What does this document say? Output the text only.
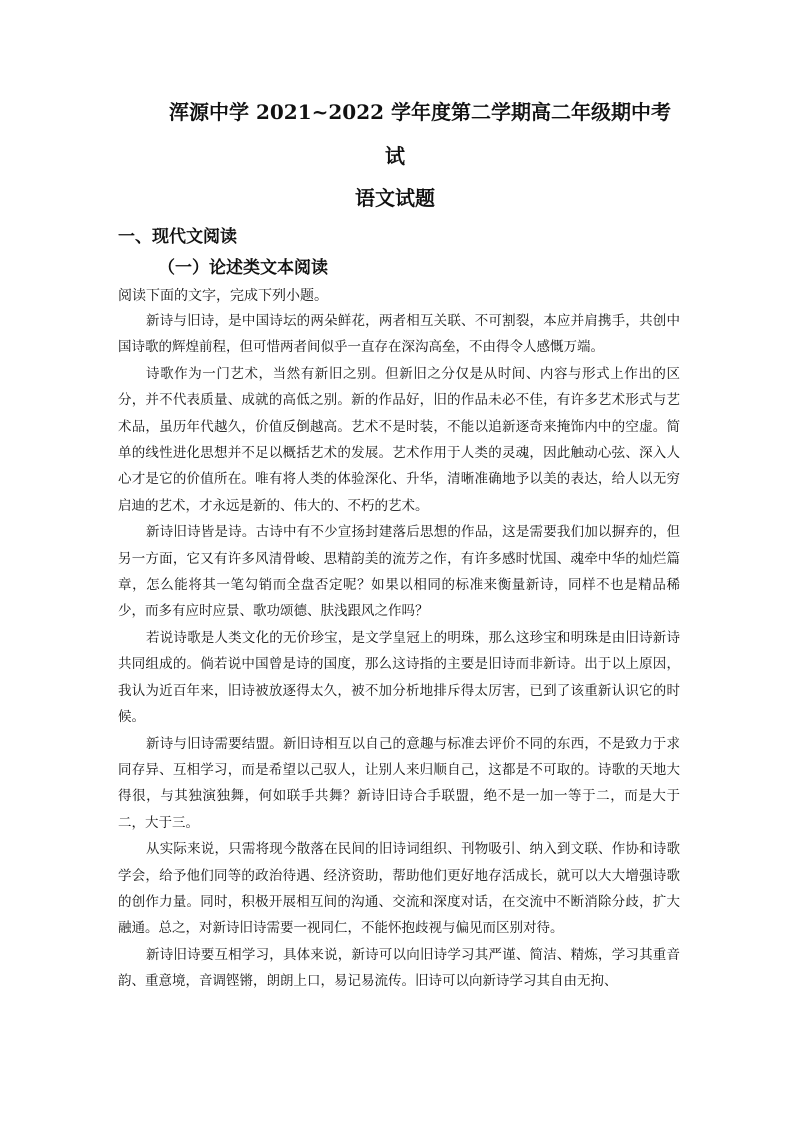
浑源中学 2021~2022 学年度第二学期高二年级期中考
试
语文试题
一、现代文阅读
（一）论述类文本阅读
阅读下面的文字，完成下列小题。

新诗与旧诗，是中国诗坛的两朵鲜花，两者相互关联、不可割裂，本应并肩携手，共创中国诗歌的辉煌前程，但可惜两者间似乎一直存在深沟高垒，不由得令人感慨万端。

诗歌作为一门艺术，当然有新旧之别。但新旧之分仅是从时间、内容与形式上作出的区分，并不代表质量、成就的高低之别。新的作品好，旧的作品未必不佳，有许多艺术形式与艺术品，虽历年代越久，价值反倒越高。艺术不是时装，不能以追新逐奇来掩饰内中的空虚。简单的线性进化思想并不足以概括艺术的发展。艺术作用于人类的灵魂，因此触动心弦、深入人心才是它的价值所在。唯有将人类的体验深化、升华，清晰准确地予以美的表达，给人以无穷启迪的艺术，才永远是新的、伟大的、不朽的艺术。

新诗旧诗皆是诗。古诗中有不少宣扬封建落后思想的作品，这是需要我们加以摒弃的，但另一方面，它又有许多风清骨峻、思精韵美的流芳之作，有许多感时忧国、魂牵中华的灿烂篇章，怎么能将其一笔勾销而全盘否定呢？如果以相同的标准来衡量新诗，同样不也是精品稀少，而多有应时应景、歌功颂德、肤浅跟风之作吗？

若说诗歌是人类文化的无价珍宝，是文学皇冠上的明珠，那么这珍宝和明珠是由旧诗新诗共同组成的。倘若说中国曾是诗的国度，那么这诗指的主要是旧诗而非新诗。出于以上原因，我认为近百年来，旧诗被放逐得太久，被不加分析地排斥得太厉害，已到了该重新认识它的时候。

新诗与旧诗需要结盟。新旧诗相互以自己的意趣与标准去评价不同的东西，不是致力于求同存异、互相学习，而是希望以己驭人，让别人来归顺自己，这都是不可取的。诗歌的天地大得很，与其独演独舞，何如联手共舞？新诗旧诗合手联盟，绝不是一加一等于二，而是大于二，大于三。

从实际来说，只需将现今散落在民间的旧诗词组织、刊物吸引、纳入到文联、作协和诗歌学会，给予他们同等的政治待遇、经济资助，帮助他们更好地存活成长，就可以大大增强诗歌的创作力量。同时，积极开展相互间的沟通、交流和深度对话，在交流中不断消除分歧，扩大融通。总之，对新诗旧诗需要一视同仁，不能怀抱歧视与偏见而区别对待。

新诗旧诗要互相学习，具体来说，新诗可以向旧诗学习其严谨、简洁、精炼，学习其重音韵、重意境，音调铿锵，朗朗上口，易记易流传。旧诗可以向新诗学习其自由无拘、
